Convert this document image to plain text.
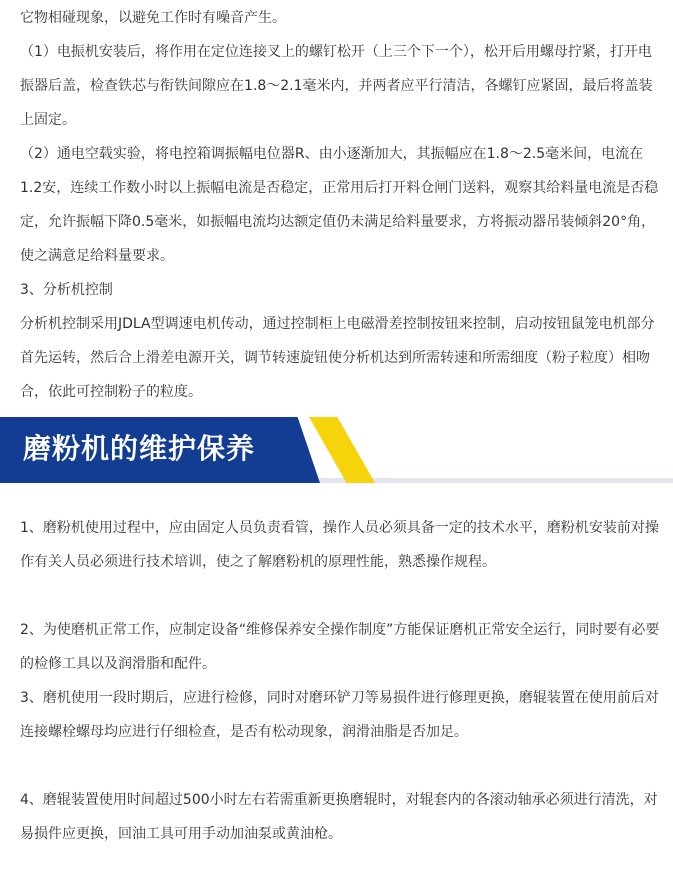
它物相碰现象，以避免工作时有噪音产生。

（1）电振机安装后，将作用在定位连接叉上的螺钉松开（上三个下一个），松开后用螺母拧紧，打开电振器后盖，检查铁芯与衔铁间隙应在1.8～2.1毫米内，并两者应平行清洁，各螺钉应紧固，最后将盖装上固定。

（2）通电空载实验，将电控箱调振幅电位器R、由小逐渐加大，其振幅应在1.8～2.5毫米间，电流在1.2安，连续工作数小时以上振幅电流是否稳定，正常用后打开料仓闸门送料，观察其给料量电流是否稳定，允许振幅下降0.5毫米，如振幅电流均达额定值仍未满足给料量要求，方将振动器吊装倾斜20°角，使之满意足给料量要求。

3、分析机控制

分析机控制采用JDLA型调速电机传动，通过控制柜上电磁滑差控制按钮来控制，启动按钮鼠笼电机部分首先运转，然后合上滑差电源开关，调节转速旋钮使分析机达到所需转速和所需细度（粉子粒度）相吻合，依此可控制粉子的粒度。

磨粉机的维护保养

1、磨粉机使用过程中，应由固定人员负责看管，操作人员必须具备一定的技术水平，磨粉机安装前对操作有关人员必须进行技术培训，使之了解磨粉机的原理性能，熟悉操作规程。

2、为使磨机正常工作，应制定设备“维修保养安全操作制度”方能保证磨机正常安全运行，同时要有必要的检修工具以及润滑脂和配件。

3、磨机使用一段时期后，应进行检修，同时对磨环铲刀等易损件进行修理更换，磨辊装置在使用前后对连接螺栓螺母均应进行仔细检查，是否有松动现象，润滑油脂是否加足。

4、磨辊装置使用时间超过500小时左右若需重新更换磨辊时，对辊套内的各滚动轴承必须进行清洗，对易损件应更换，回油工具可用手动加油泵或黄油枪。
